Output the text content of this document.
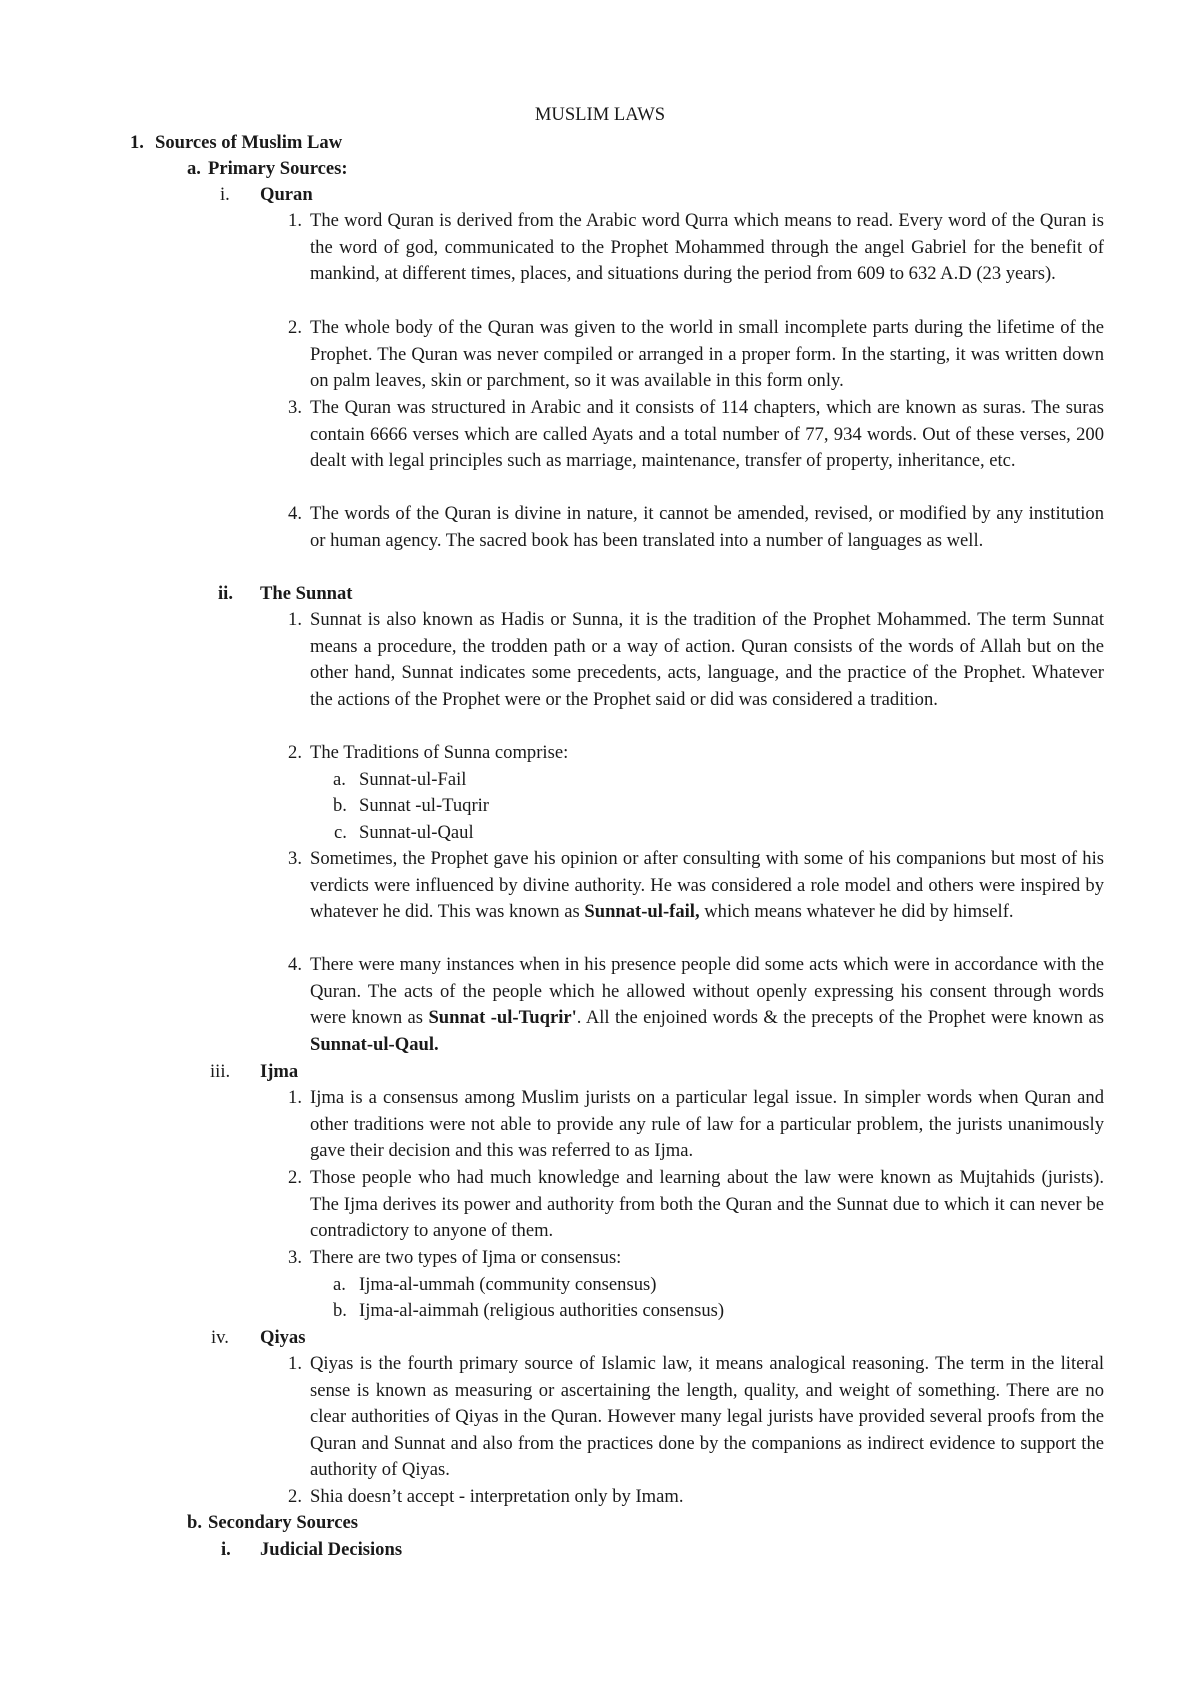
MUSLIM LAWS
1. Sources of Muslim Law
a. Primary Sources:
i. Quran
1. The word Quran is derived from the Arabic word Qurra which means to read. Every word of the Quran is the word of god, communicated to the Prophet Mohammed through the angel Gabriel for the benefit of mankind, at different times, places, and situations during the period from 609 to 632 A.D (23 years).
2. The whole body of the Quran was given to the world in small incomplete parts during the lifetime of the Prophet. The Quran was never compiled or arranged in a proper form. In the starting, it was written down on palm leaves, skin or parchment, so it was available in this form only.
3. The Quran was structured in Arabic and it consists of 114 chapters, which are known as suras. The suras contain 6666 verses which are called Ayats and a total number of 77, 934 words. Out of these verses, 200 dealt with legal principles such as marriage, maintenance, transfer of property, inheritance, etc.
4. The words of the Quran is divine in nature, it cannot be amended, revised, or modified by any institution or human agency. The sacred book has been translated into a number of languages as well.
ii. The Sunnat
1. Sunnat is also known as Hadis or Sunna, it is the tradition of the Prophet Mohammed. The term Sunnat means a procedure, the trodden path or a way of action. Quran consists of the words of Allah but on the other hand, Sunnat indicates some precedents, acts, language, and the practice of the Prophet. Whatever the actions of the Prophet were or the Prophet said or did was considered a tradition.
2. The Traditions of Sunna comprise:
a. Sunnat-ul-Fail
b. Sunnat -ul-Tuqrir
c. Sunnat-ul-Qaul
3. Sometimes, the Prophet gave his opinion or after consulting with some of his companions but most of his verdicts were influenced by divine authority. He was considered a role model and others were inspired by whatever he did. This was known as Sunnat-ul-fail, which means whatever he did by himself.
4. There were many instances when in his presence people did some acts which were in accordance with the Quran. The acts of the people which he allowed without openly expressing his consent through words were known as Sunnat -ul-Tuqrir'. All the enjoined words & the precepts of the Prophet were known as Sunnat-ul-Qaul.
iii. Ijma
1. Ijma is a consensus among Muslim jurists on a particular legal issue. In simpler words when Quran and other traditions were not able to provide any rule of law for a particular problem, the jurists unanimously gave their decision and this was referred to as Ijma.
2. Those people who had much knowledge and learning about the law were known as Mujtahids (jurists). The Ijma derives its power and authority from both the Quran and the Sunnat due to which it can never be contradictory to anyone of them.
3. There are two types of Ijma or consensus:
a. Ijma-al-ummah (community consensus)
b. Ijma-al-aimmah (religious authorities consensus)
iv. Qiyas
1. Qiyas is the fourth primary source of Islamic law, it means analogical reasoning. The term in the literal sense is known as measuring or ascertaining the length, quality, and weight of something. There are no clear authorities of Qiyas in the Quran. However many legal jurists have provided several proofs from the Quran and Sunnat and also from the practices done by the companions as indirect evidence to support the authority of Qiyas.
2. Shia doesn’t accept - interpretation only by Imam.
b. Secondary Sources
i. Judicial Decisions
